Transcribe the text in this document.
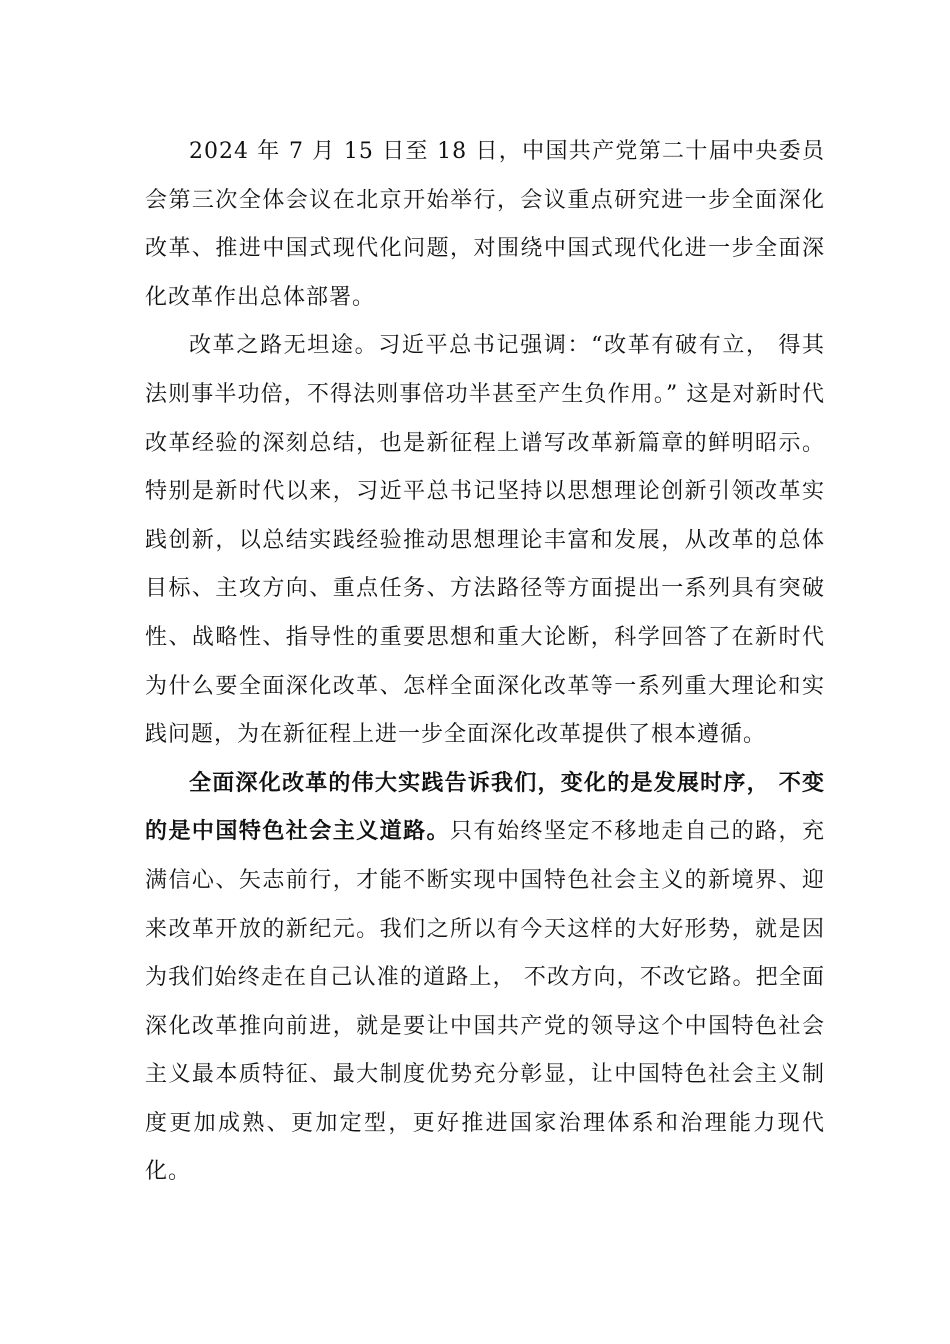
2024 年 7 月 15 日至 18 日，中国共产党第二十届中央委员会第三次全体会议在北京开始举行，会议重点研究进一步全面深化改革、推进中国式现代化问题，对围绕中国式现代化进一步全面深化改革作出总体部署。

改革之路无坦途。习近平总书记强调：“改革有破有立， 得其法则事半功倍，不得法则事倍功半甚至产生负作用。” 这是对新时代改革经验的深刻总结，也是新征程上谱写改革新篇章的鲜明昭示。特别是新时代以来，习近平总书记坚持以思想理论创新引领改革实践创新，以总结实践经验推动思想理论丰富和发展，从改革的总体目标、主攻方向、重点任务、方法路径等方面提出一系列具有突破性、战略性、指导性的重要思想和重大论断，科学回答了在新时代为什么要全面深化改革、怎样全面深化改革等一系列重大理论和实践问题，为在新征程上进一步全面深化改革提供了根本遵循。

全面深化改革的伟大实践告诉我们，变化的是发展时序， 不变的是中国特色社会主义道路。只有始终坚定不移地走自己的路，充满信心、矢志前行，才能不断实现中国特色社会主义的新境界、迎来改革开放的新纪元。我们之所以有今天这样的大好形势，就是因为我们始终走在自己认准的道路上， 不改方向，不改它路。把全面深化改革推向前进，就是要让中国共产党的领导这个中国特色社会主义最本质特征、最大制度优势充分彰显，让中国特色社会主义制度更加成熟、更加定型，更好推进国家治理体系和治理能力现代化。
